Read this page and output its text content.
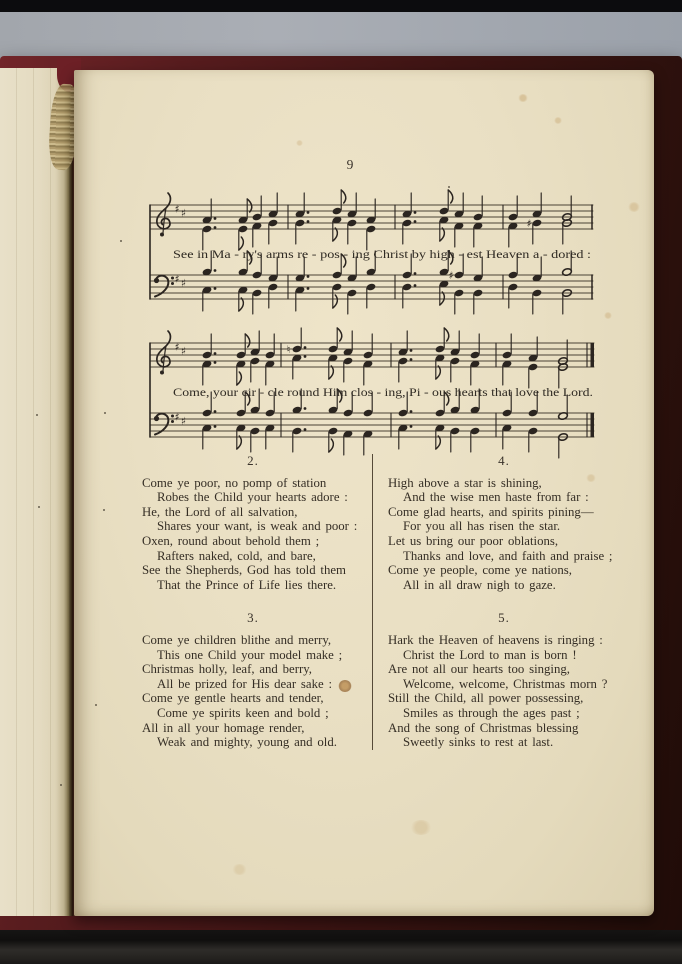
9
♯ ♯
♯ ♯
♯
♯
See in Ma - ry's arms re - pos - ing Christ by high - est Heaven a - dored :
♯ ♯
♯ ♯
♮
Come, your cir - cle round Him clos - ing, Pi - ous hearts that love the Lord.
2.
Come ye poor, no pomp of station
Robes the Child your hearts adore :
He, the Lord of all salvation,
Shares your want, is weak and poor :
Oxen, round about behold them ;
Rafters naked, cold, and bare,
See the Shepherds, God has told them
That the Prince of Life lies there.
3.
Come ye children blithe and merry,
This one Child your model make ;
Christmas holly, leaf, and berry,
All be prized for His dear sake :
Come ye gentle hearts and tender,
Come ye spirits keen and bold ;
All in all your homage render,
Weak and mighty, young and old.
4.
High above a star is shining,
And the wise men haste from far :
Come glad hearts, and spirits pining—
For you all has risen the star.
Let us bring our poor oblations,
Thanks and love, and faith and praise ;
Come ye people, come ye nations,
All in all draw nigh to gaze.
5.
Hark the Heaven of heavens is ringing :
Christ the Lord to man is born !
Are not all our hearts too singing,
Welcome, welcome, Christmas morn ?
Still the Child, all power possessing,
Smiles as through the ages past ;
And the song of Christmas blessing
Sweetly sinks to rest at last.
